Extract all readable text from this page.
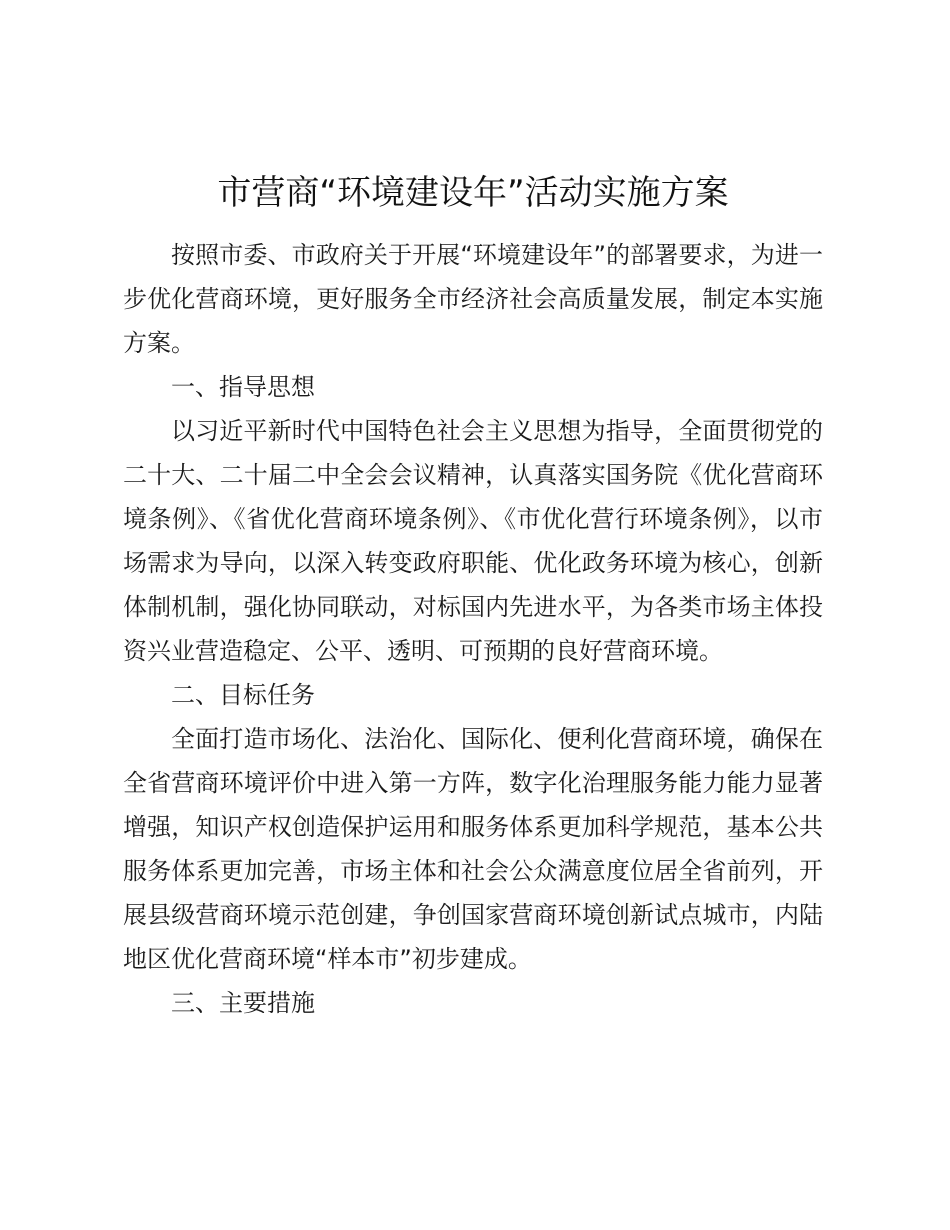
市营商“环境建设年”活动实施方案

按照市委、市政府关于开展“环境建设年”的部署要求，为进一步优化营商环境，更好服务全市经济社会高质量发展，制定本实施方案。

一、指导思想

以习近平新时代中国特色社会主义思想为指导，全面贯彻党的二十大、二十届二中全会会议精神，认真落实国务院《优化营商环境条例》、《省优化营商环境条例》、《市优化营行环境条例》，以市场需求为导向，以深入转变政府职能、优化政务环境为核心，创新体制机制，强化协同联动，对标国内先进水平，为各类市场主体投资兴业营造稳定、公平、透明、可预期的良好营商环境。

二、目标任务

全面打造市场化、法治化、国际化、便利化营商环境，确保在全省营商环境评价中进入第一方阵，数字化治理服务能力能力显著增强，知识产权创造保护运用和服务体系更加科学规范，基本公共服务体系更加完善，市场主体和社会公众满意度位居全省前列，开展县级营商环境示范创建，争创国家营商环境创新试点城市，内陆地区优化营商环境“样本市”初步建成。

三、主要措施
